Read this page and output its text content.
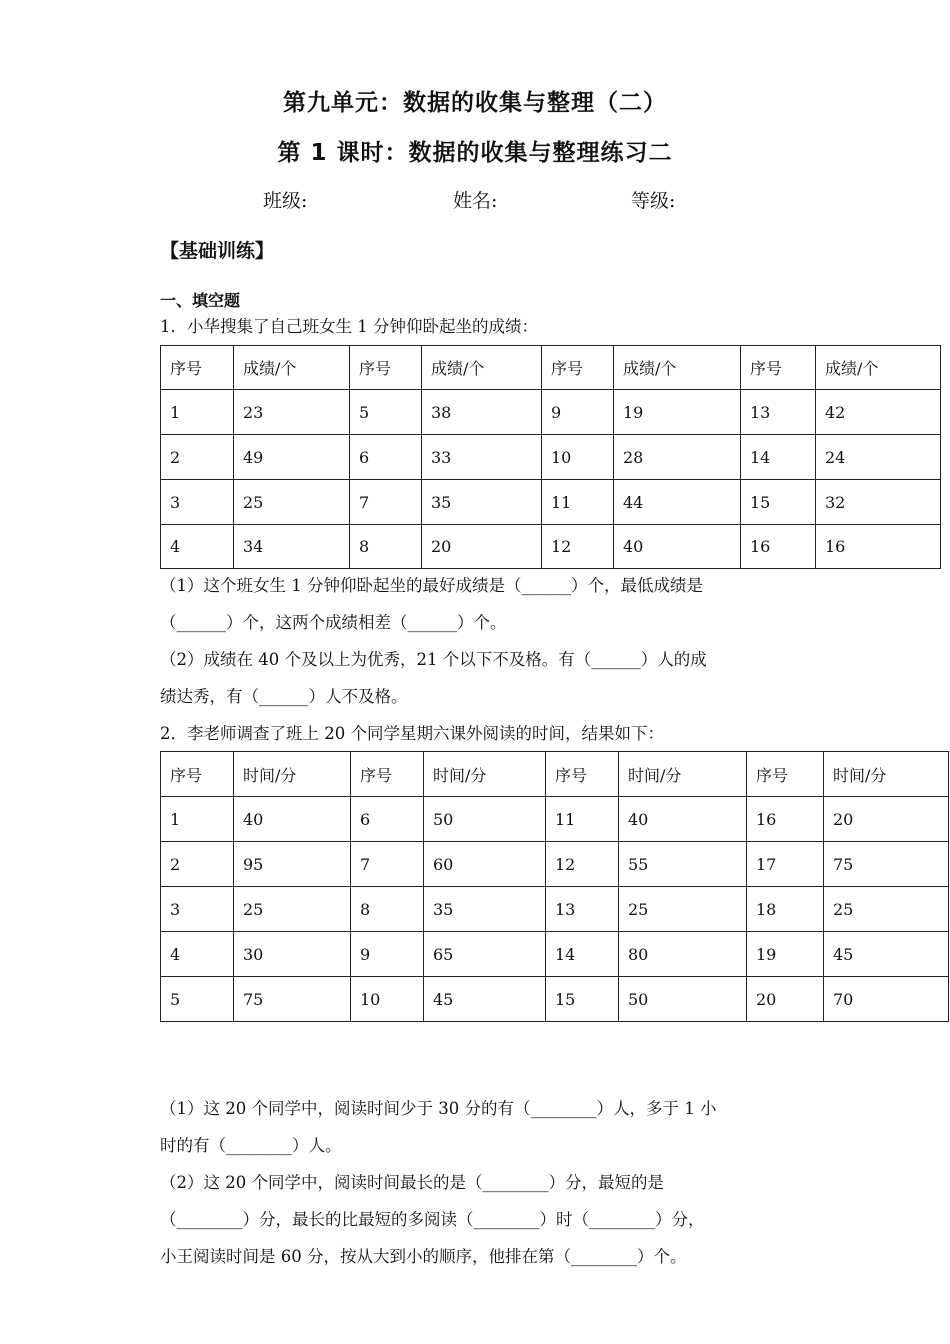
第九单元：数据的收集与整理（二）
第 1 课时：数据的收集与整理练习二
班级:	姓名:	等级:
【基础训练】
一、填空题
1．小华搜集了自己班女生 1 分钟仰卧起坐的成绩：
序号	成绩/个	序号	成绩/个	序号	成绩/个	序号	成绩/个
1	23	5	38	9	19	13	42
2	49	6	33	10	28	14	24
3	25	7	35	11	44	15	32
4	34	8	20	12	40	16	16
（1）这个班女生 1 分钟仰卧起坐的最好成绩是（______）个，最低成绩是
（______）个，这两个成绩相差（______）个。
（2）成绩在 40 个及以上为优秀，21 个以下不及格。有（______）人的成
绩达秀，有（______）人不及格。
2．李老师调查了班上 20 个同学星期六课外阅读的时间，结果如下：
序号	时间/分	序号	时间/分	序号	时间/分	序号	时间/分
1	40	6	50	11	40	16	20
2	95	7	60	12	55	17	75
3	25	8	35	13	25	18	25
4	30	9	65	14	80	19	45
5	75	10	45	15	50	20	70
（1）这 20 个同学中，阅读时间少于 30 分的有（________）人，多于 1 小
时的有（________）人。
（2）这 20 个同学中，阅读时间最长的是（________）分，最短的是
（________）分，最长的比最短的多阅读（________）时（________）分，
小王阅读时间是 60 分，按从大到小的顺序，他排在第（________）个。
